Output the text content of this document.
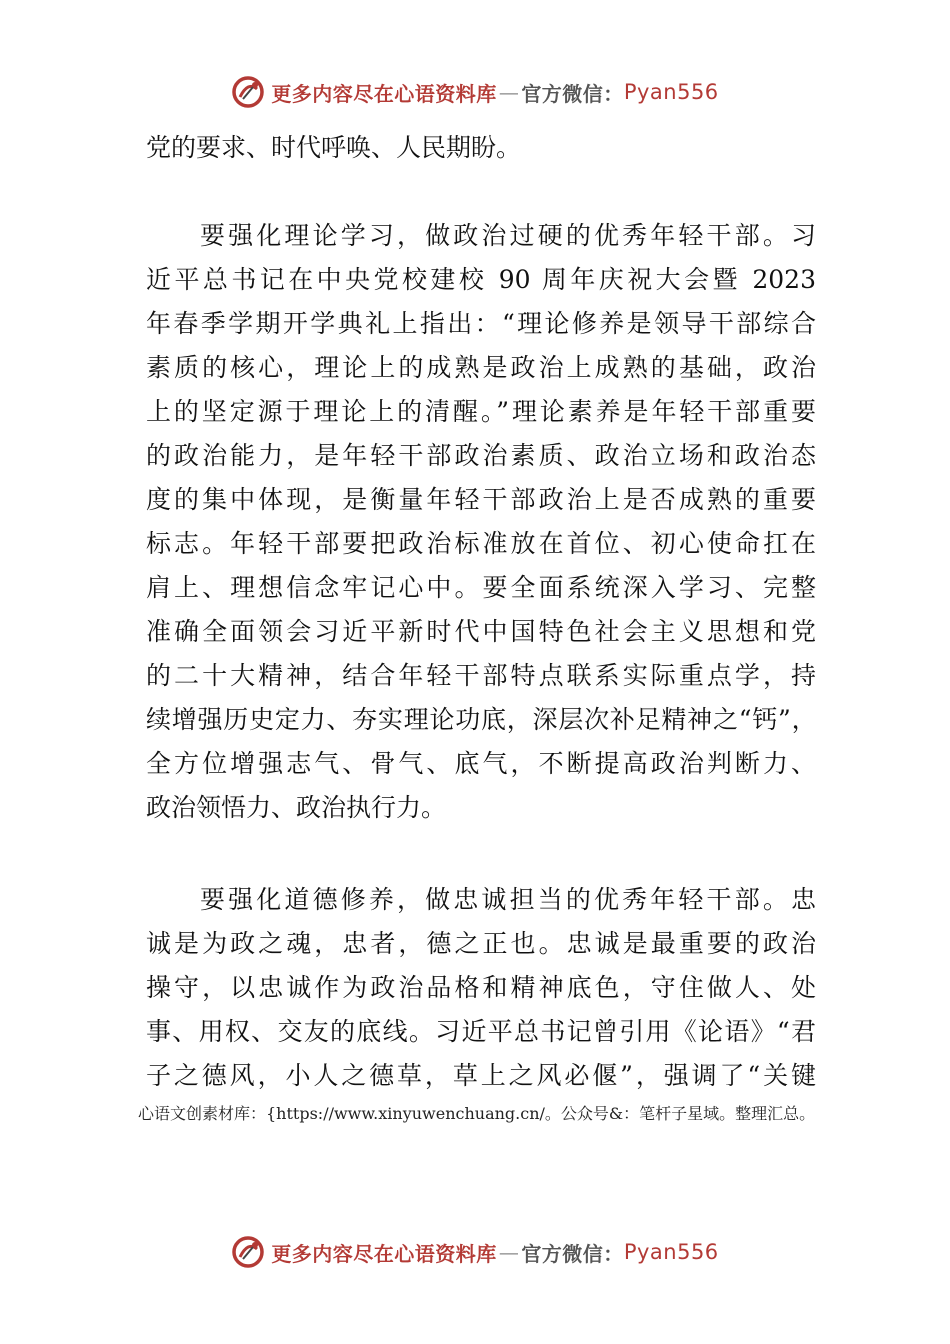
更多内容尽在心语资料库 — 官方微信： Pyan556
党的要求、时代呼唤、人民期盼。
要强化理论学习，做政治过硬的优秀年轻干部。习
近平总书记在中央党校建校 90 周年庆祝大会暨 2023
年春季学期开学典礼上指出：“理论修养是领导干部综合
素质的核心，理论上的成熟是政治上成熟的基础，政治
上的坚定源于理论上的清醒。”理论素养是年轻干部重要
的政治能力，是年轻干部政治素质、政治立场和政治态
度的集中体现，是衡量年轻干部政治上是否成熟的重要
标志。年轻干部要把政治标准放在首位、初心使命扛在
肩上、理想信念牢记心中。要全面系统深入学习、完整
准确全面领会习近平新时代中国特色社会主义思想和党
的二十大精神，结合年轻干部特点联系实际重点学，持
续增强历史定力、夯实理论功底，深层次补足精神之“钙”，
全方位增强志气、骨气、底气，不断提高政治判断力、
政治领悟力、政治执行力。
要强化道德修养，做忠诚担当的优秀年轻干部。忠
诚是为政之魂，忠者，德之正也。忠诚是最重要的政治
操守，以忠诚作为政治品格和精神底色，守住做人、处
事、用权、交友的底线。习近平总书记曾引用《论语》“君
子之德风，小人之德草，草上之风必偃”，强调了“关键
心语文创素材库：{https://www.xinyuwenchuang.cn/。公众号&：笔杆子星域。整理汇总。
更多内容尽在心语资料库 — 官方微信： Pyan556
